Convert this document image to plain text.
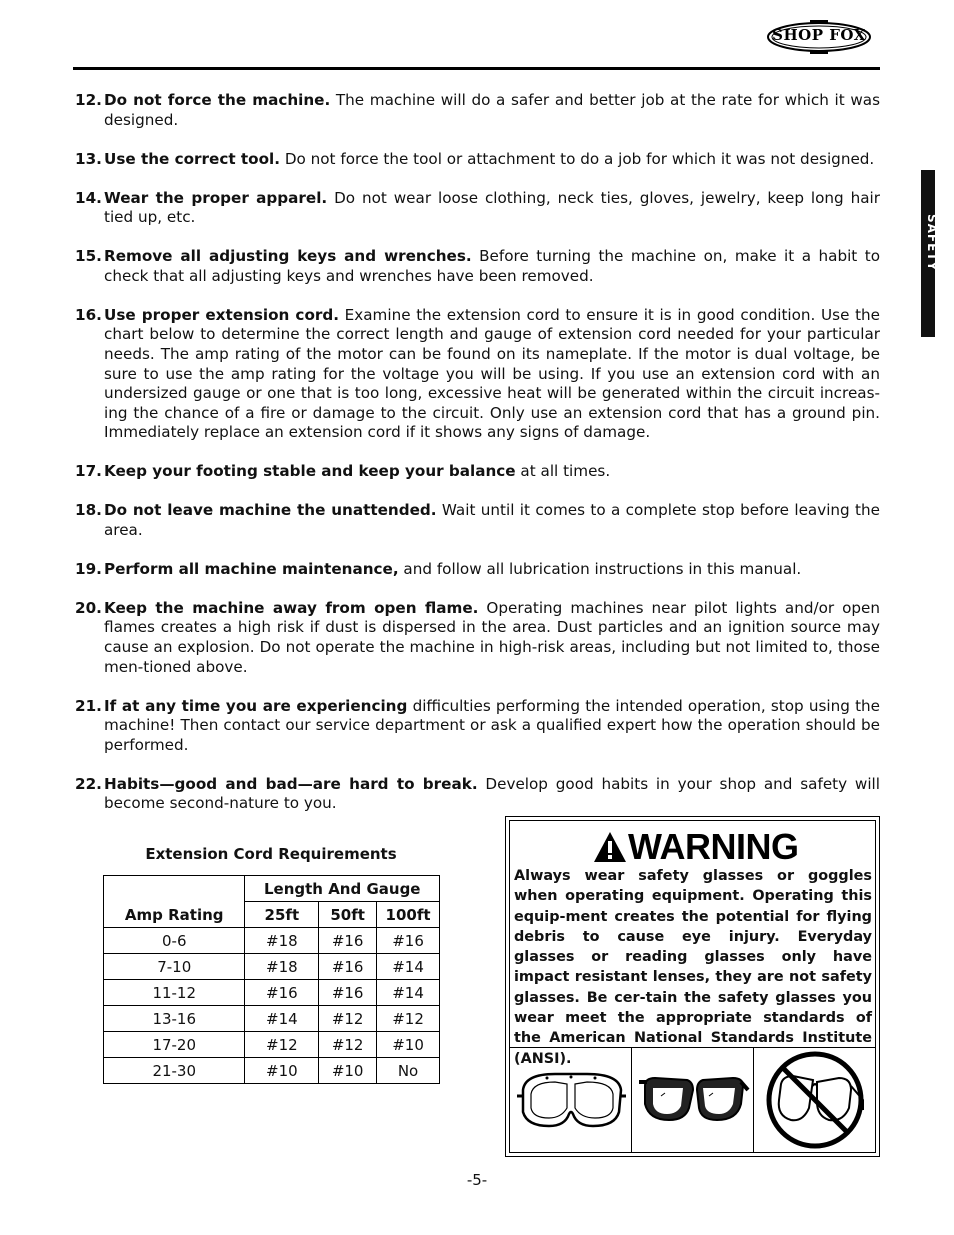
SHOP FOX
SAFETY
12. Do not force the machine. The machine will do a safer and better job at the rate for which it was designed.
13. Use the correct tool. Do not force the tool or attachment to do a job for which it was not designed.
14. Wear the proper apparel. Do not wear loose clothing, neck ties, gloves, jewelry, keep long hair tied up, etc.
15. Remove all adjusting keys and wrenches. Before turning the machine on, make it a habit to check that all adjusting keys and wrenches have been removed.
16. Use proper extension cord. Examine the extension cord to ensure it is in good condition. Use the chart below to determine the correct length and gauge of extension cord needed for your particular needs. The amp rating of the motor can be found on its nameplate. If the motor is dual voltage, be sure to use the amp rating for the voltage you will be using. If you use an extension cord with an undersized gauge or one that is too long, excessive heat will be generated within the circuit increas-ing the chance of a fire or damage to the circuit. Only use an extension cord that has a ground pin. Immediately replace an extension cord if it shows any signs of damage.
17. Keep your footing stable and keep your balance at all times.
18. Do not leave machine the unattended. Wait until it comes to a complete stop before leaving the area.
19. Perform all machine maintenance, and follow all lubrication instructions in this manual.
20. Keep the machine away from open flame. Operating machines near pilot lights and/or open flames creates a high risk if dust is dispersed in the area. Dust particles and an ignition source may cause an explosion. Do not operate the machine in high-risk areas, including but not limited to, those men-tioned above.
21. If at any time you are experiencing difficulties performing the intended operation, stop using the machine! Then contact our service department or ask a qualified expert how the operation should be performed.
22. Habits—good and bad—are hard to break. Develop good habits in your shop and safety will become second-nature to you.
Extension Cord Requirements
Amp Rating	Length And Gauge		
	25ft	50ft	100ft
0-6	#18	#16	#16
7-10	#18	#16	#14
11-12	#16	#16	#14
13-16	#14	#12	#12
17-20	#12	#12	#10
21-30	#10	#10	No
WARNING
Always wear safety glasses or goggles when operating equipment. Operating this equip-ment creates the potential for flying debris to cause eye injury. Everyday glasses or reading glasses only have impact resistant lenses, they are not safety glasses. Be cer-tain the safety glasses you wear meet the appropriate standards of the American National Standards Institute (ANSI).
-5-
